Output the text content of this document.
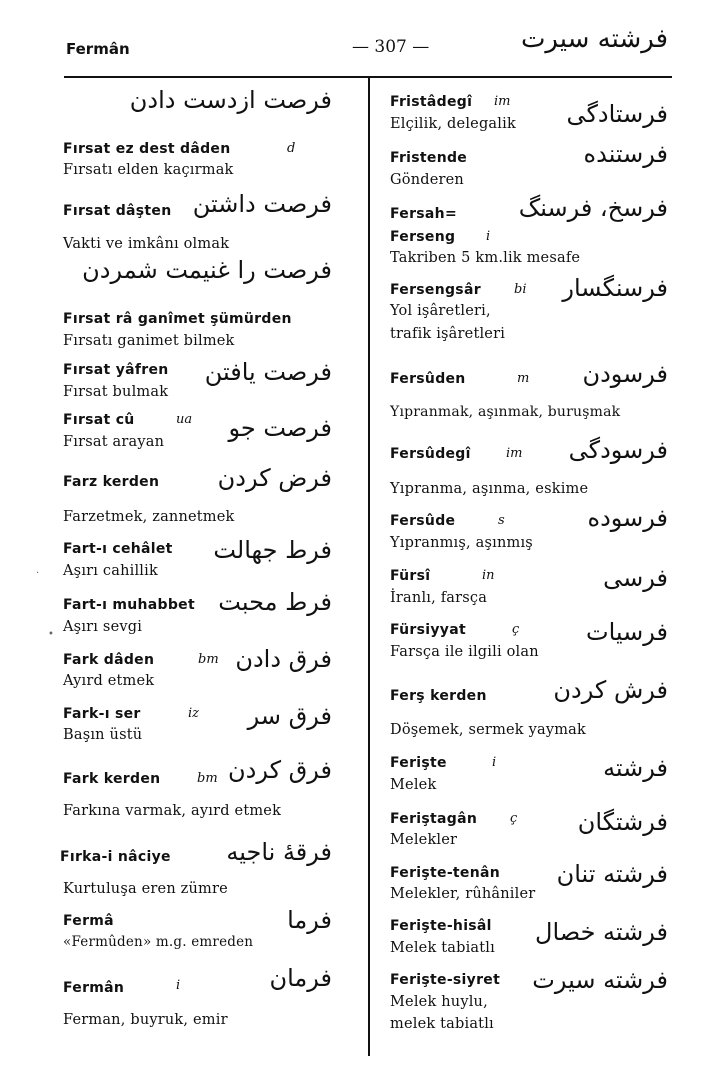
Fermân	— 307 —	فرشته سیرت
فرصت ازدست دادن
Fırsat ez dest dâden	d
Fırsatı elden kaçırmak
فرصت داشتن
Fırsat dâşten
Vakti ve imkânı olmak
فرصت را غنیمت شمردن
Fırsat râ ganîmet şümürden
Fırsatı ganimet bilmek
فرصت یافتن
Fırsat yâfren
Fırsat bulmak
فرصت جو
Fırsat cû	ua
Fırsat arayan
فرض کردن
Farz kerden
Farzetmek, zannetmek
فرط جهالت
Fart-ı cehâlet
Aşırı cahillik
فرط محبت
Fart-ı muhabbet
Aşırı sevgi
فرق دادن
Fark dâden	bm
Ayırd etmek
فرق سر
Fark-ı ser	iz
Başın üstü
فرق کردن
Fark kerden	bm
Farkına varmak, ayırd etmek
فرقهٔ ناجیه
Fırka-i nâciye
Kurtuluşa eren zümre
فرما
Fermâ
«Fermûden» m.g. emreden
فرمان
Fermân	i
Ferman, buyruk, emir
فرستادگی
Fristâdegî im
Elçilik, delegalik
فرستنده
Fristende
Gönderen
فرسخ، فرسنگ
Fersah=
Ferseng i
Takriben 5 km.lik mesafe
فرسنگسار
Fersengsâr	bi
Yol işâretleri,
trafik işâretleri
فرسودن
Fersûden	m
Yıpranmak, aşınmak, buruşmak
فرسودگی
Fersûdegî	im
Yıpranma, aşınma, eskime
فرسوده
Fersûde	s
Yıpranmış, aşınmış
فرسی
Fürsî	in
İranlı, farsça
فرسیات
Fürsiyyat	ç
Farsça ile ilgili olan
فرش کردن
Ferş kerden
Döşemek, sermek yaymak
فرشته
Ferişte	i
Melek
فرشتگان
Feriştagân	ç
Melekler
فرشته تنان
Ferişte-tenân
Melekler, rûhâniler
فرشته خصال
Ferişte-hisâl
Melek tabiatlı
فرشته سیرت
Ferişte-siyret
Melek huylu,
melek tabiatlı
•
·
